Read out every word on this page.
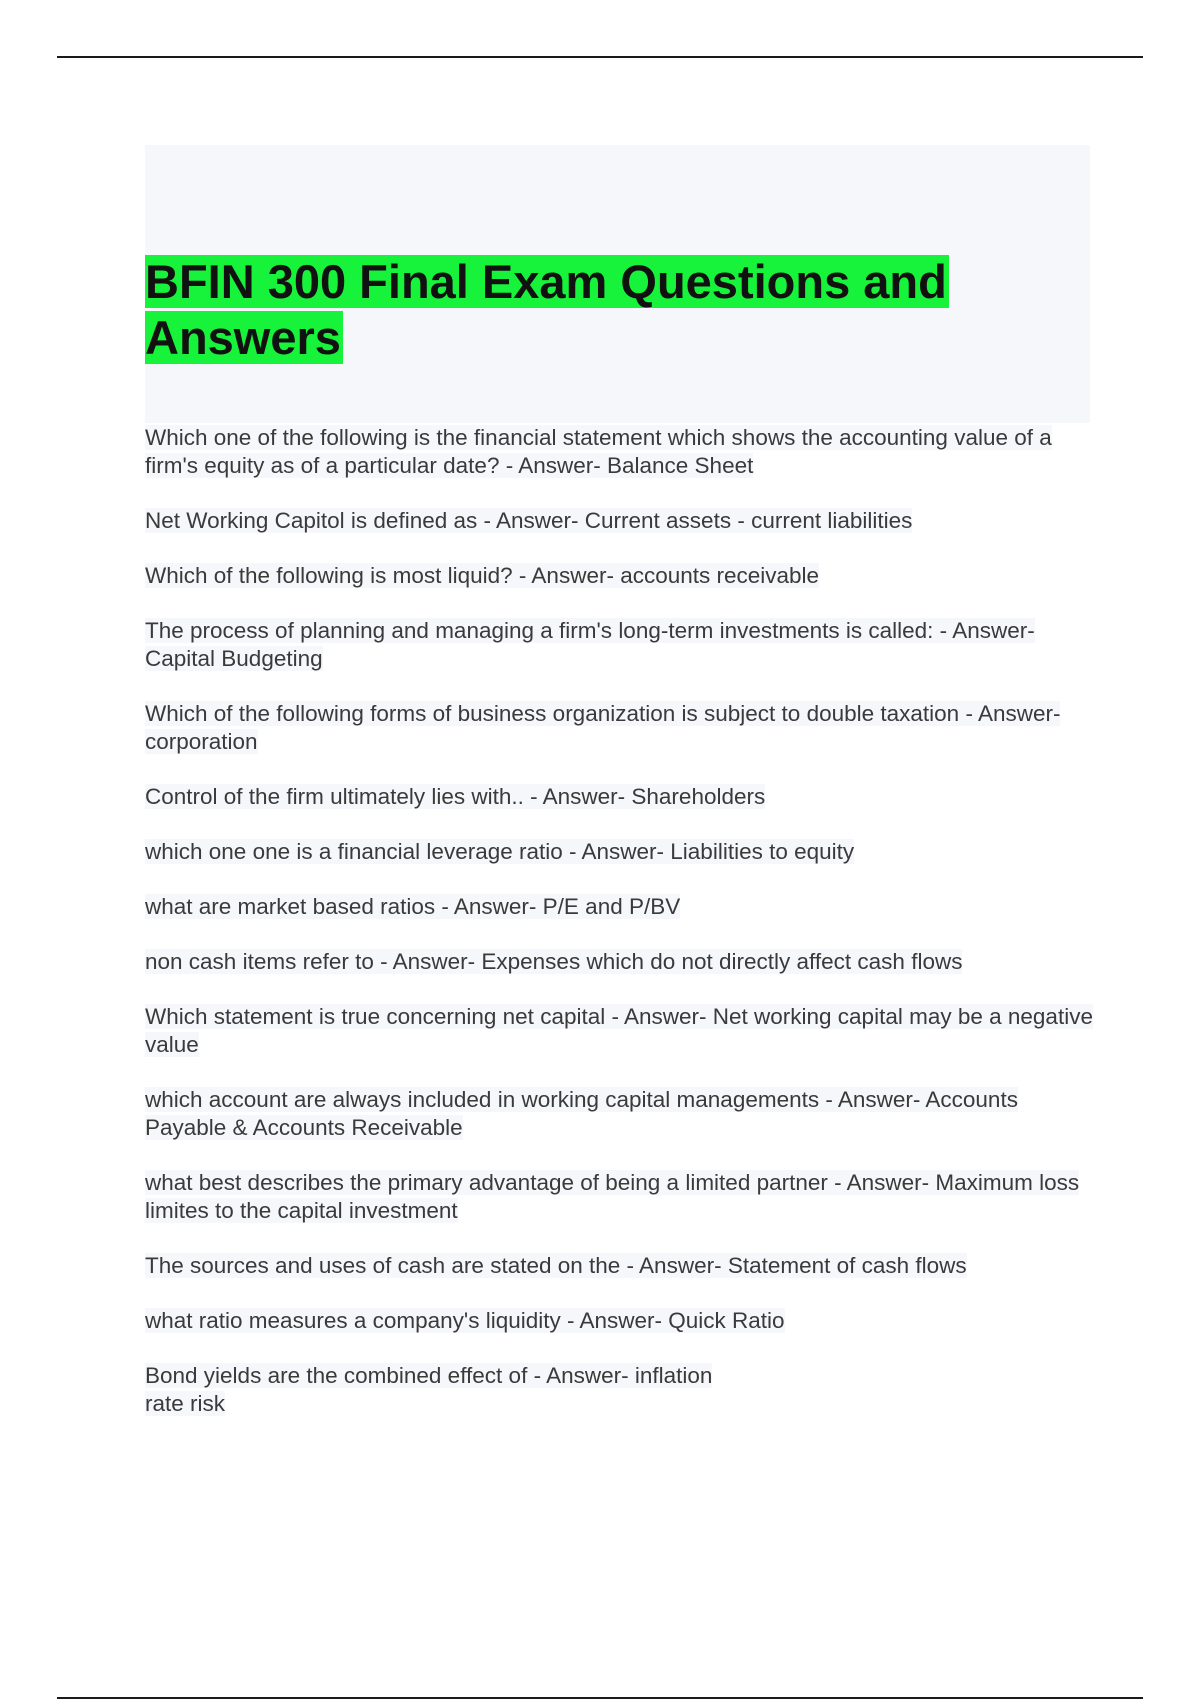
BFIN 300 Final Exam Questions and Answers

Which one of the following is the financial statement which shows the accounting value of a firm's equity as of a particular date? - Answer- Balance Sheet

Net Working Capitol is defined as - Answer- Current assets - current liabilities

Which of the following is most liquid? - Answer- accounts receivable

The process of planning and managing a firm's long-term investments is called: - Answer- Capital Budgeting

Which of the following forms of business organization is subject to double taxation - Answer- corporation

Control of the firm ultimately lies with.. - Answer- Shareholders

which one one is a financial leverage ratio - Answer- Liabilities to equity

what are market based ratios - Answer- P/E and P/BV

non cash items refer to - Answer- Expenses which do not directly affect cash flows

Which statement is true concerning net capital - Answer- Net working capital may be a negative value

which account are always included in working capital managements - Answer- Accounts Payable & Accounts Receivable

what best describes the primary advantage of being a limited partner - Answer- Maximum loss limites to the capital investment

The sources and uses of cash are stated on the - Answer- Statement of cash flows

what ratio measures a company's liquidity - Answer- Quick Ratio

Bond yields are the combined effect of - Answer- inflation
rate risk
